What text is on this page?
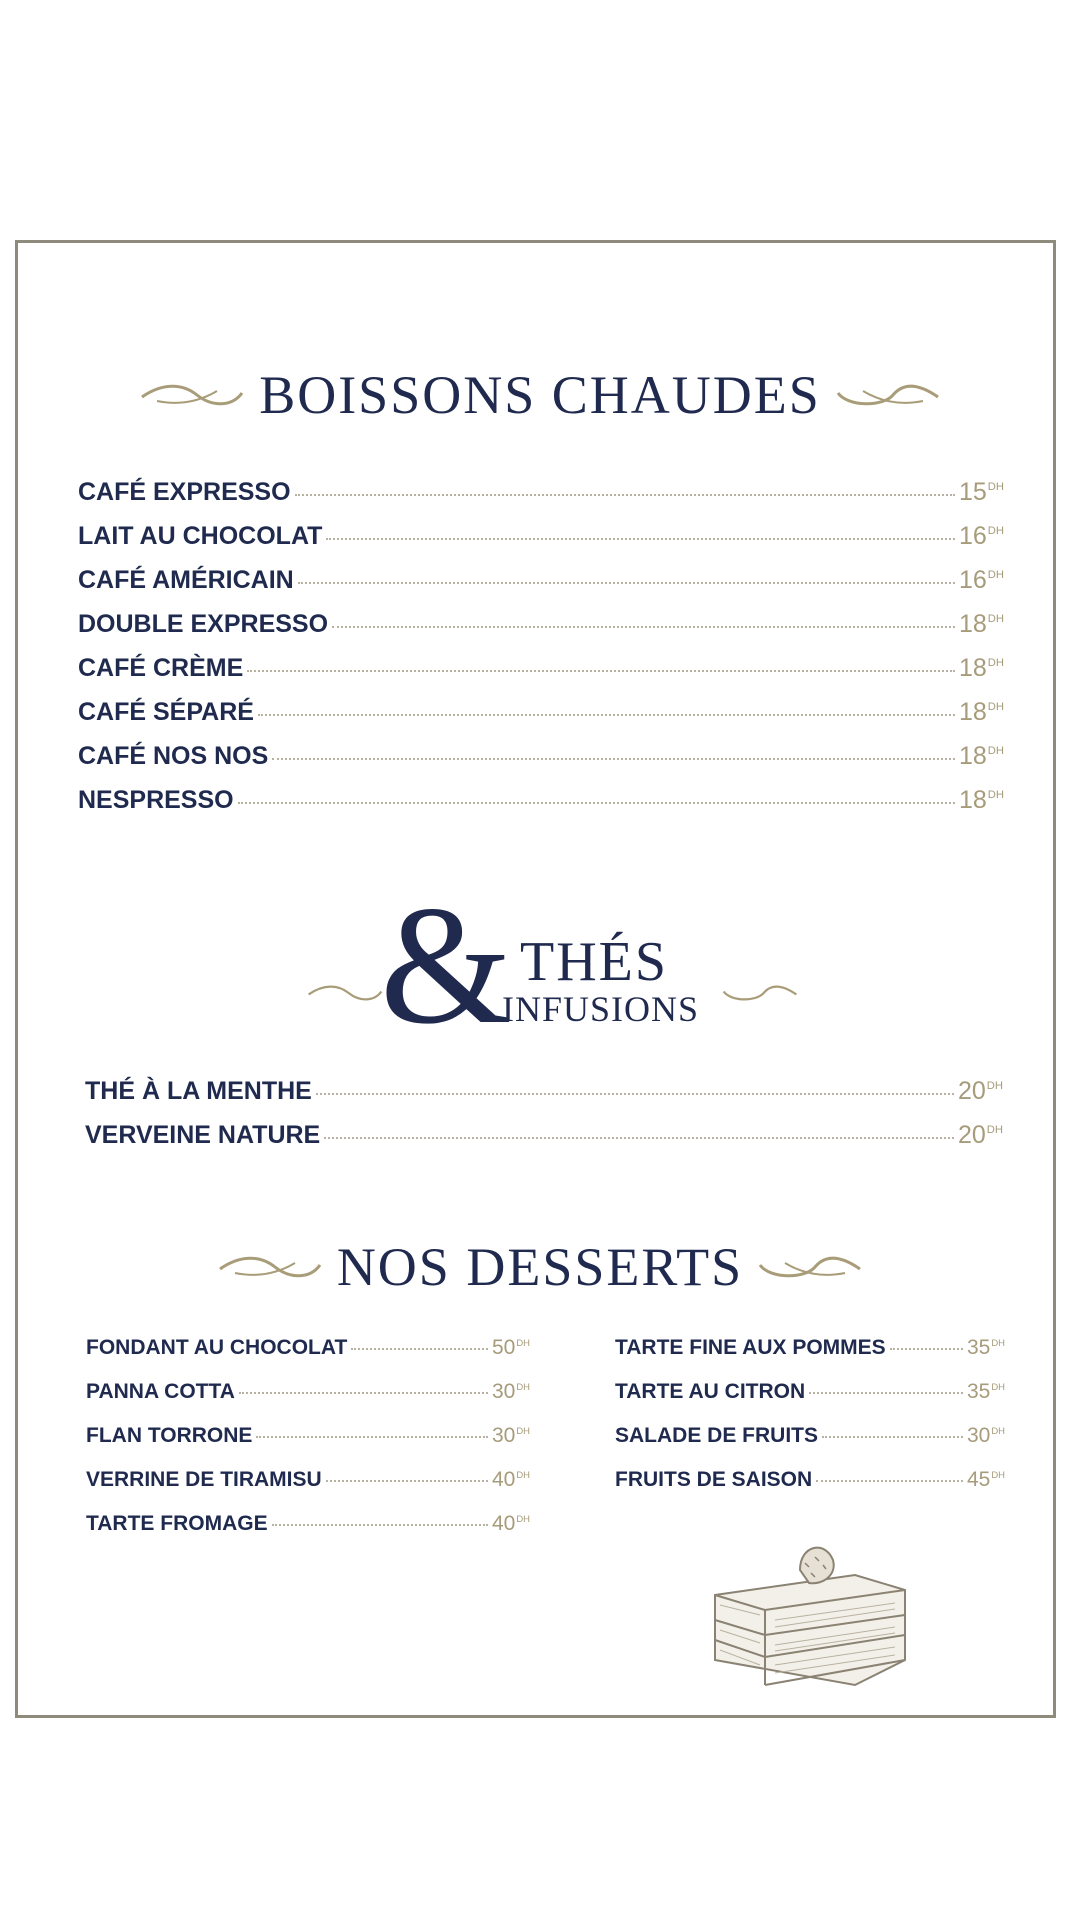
BOISSONS CHAUDES
CAFÉ EXPRESSO	$15^{DH}$
LAIT AU CHOCOLAT	$16^{DH}$
CAFÉ AMÉRICAIN	$16^{DH}$
DOUBLE EXPRESSO	$18^{DH}$
CAFÉ CRÈME	$18^{DH}$
CAFÉ SÉPARÉ	$18^{DH}$
CAFÉ NOS NOS	$18^{DH}$
NESPRESSO	$18^{DH}$
& THÉS
INFUSIONS
THÉ À LA MENTHE	$20^{DH}$
VERVEINE NATURE	$20^{DH}$
NOS DESSERTS
FONDANT AU CHOCOLAT	$50^{DH}$
PANNA COTTA	$30^{DH}$
FLAN TORRONE	$30^{DH}$
VERRINE DE TIRAMISU	$40^{DH}$
TARTE FROMAGE	$40^{DH}$
TARTE FINE AUX POMMES	$35^{DH}$
TARTE AU CITRON	$35^{DH}$
SALADE DE FRUITS	$30^{DH}$
FRUITS DE SAISON	$45^{DH}$
